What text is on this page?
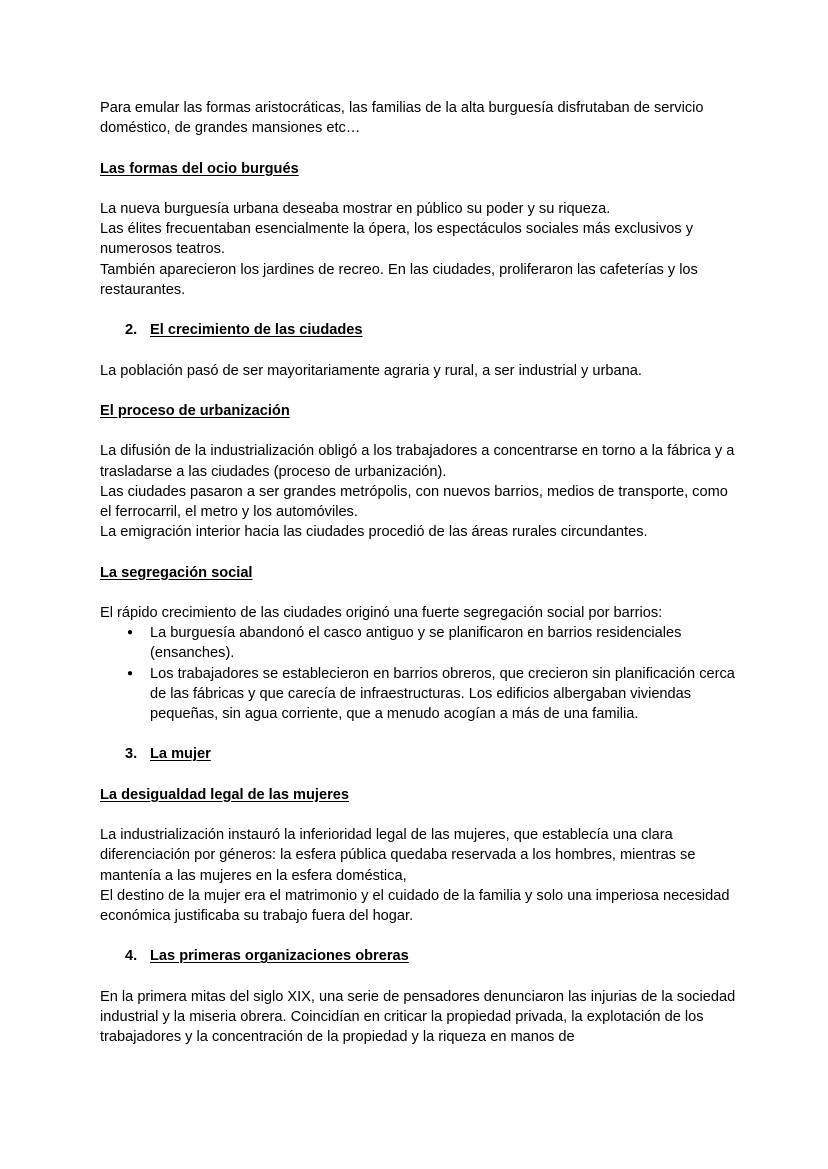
Para emular las formas aristocráticas, las familias de la alta burguesía disfrutaban de servicio doméstico, de grandes mansiones etc…

Las formas del ocio burgués

La nueva burguesía urbana deseaba mostrar en público su poder y su riqueza.

Las élites frecuentaban esencialmente la ópera, los espectáculos sociales más exclusivos y numerosos teatros.

También aparecieron los jardines de recreo. En las ciudades, proliferaron las cafeterías y los restaurantes.

2. El crecimiento de las ciudades

La población pasó de ser mayoritariamente agraria y rural, a ser industrial y urbana.

El proceso de urbanización

La difusión de la industrialización obligó a los trabajadores a concentrarse en torno a la fábrica y a trasladarse a las ciudades (proceso de urbanización).

Las ciudades pasaron a ser grandes metrópolis, con nuevos barrios, medios de transporte, como el ferrocarril, el metro y los automóviles.

La emigración interior hacia las ciudades procedió de las áreas rurales circundantes.

La segregación social

El rápido crecimiento de las ciudades originó una fuerte segregación social por barrios:

● La burguesía abandonó el casco antiguo y se planificaron en barrios residenciales (ensanches).
● Los trabajadores se establecieron en barrios obreros, que crecieron sin planificación cerca de las fábricas y que carecía de infraestructuras. Los edificios albergaban viviendas pequeñas, sin agua corriente, que a menudo acogían a más de una familia.

3. La mujer

La desigualdad legal de las mujeres

La industrialización instauró la inferioridad legal de las mujeres, que establecía una clara diferenciación por géneros: la esfera pública quedaba reservada a los hombres, mientras se mantenía a las mujeres en la esfera doméstica,

El destino de la mujer era el matrimonio y el cuidado de la familia y solo una imperiosa necesidad económica justificaba su trabajo fuera del hogar.

4. Las primeras organizaciones obreras

En la primera mitas del siglo XIX, una serie de pensadores denunciaron las injurias de la sociedad industrial y la miseria obrera. Coincidían en criticar la propiedad privada, la explotación de los trabajadores y la concentración de la propiedad y la riqueza en manos de
